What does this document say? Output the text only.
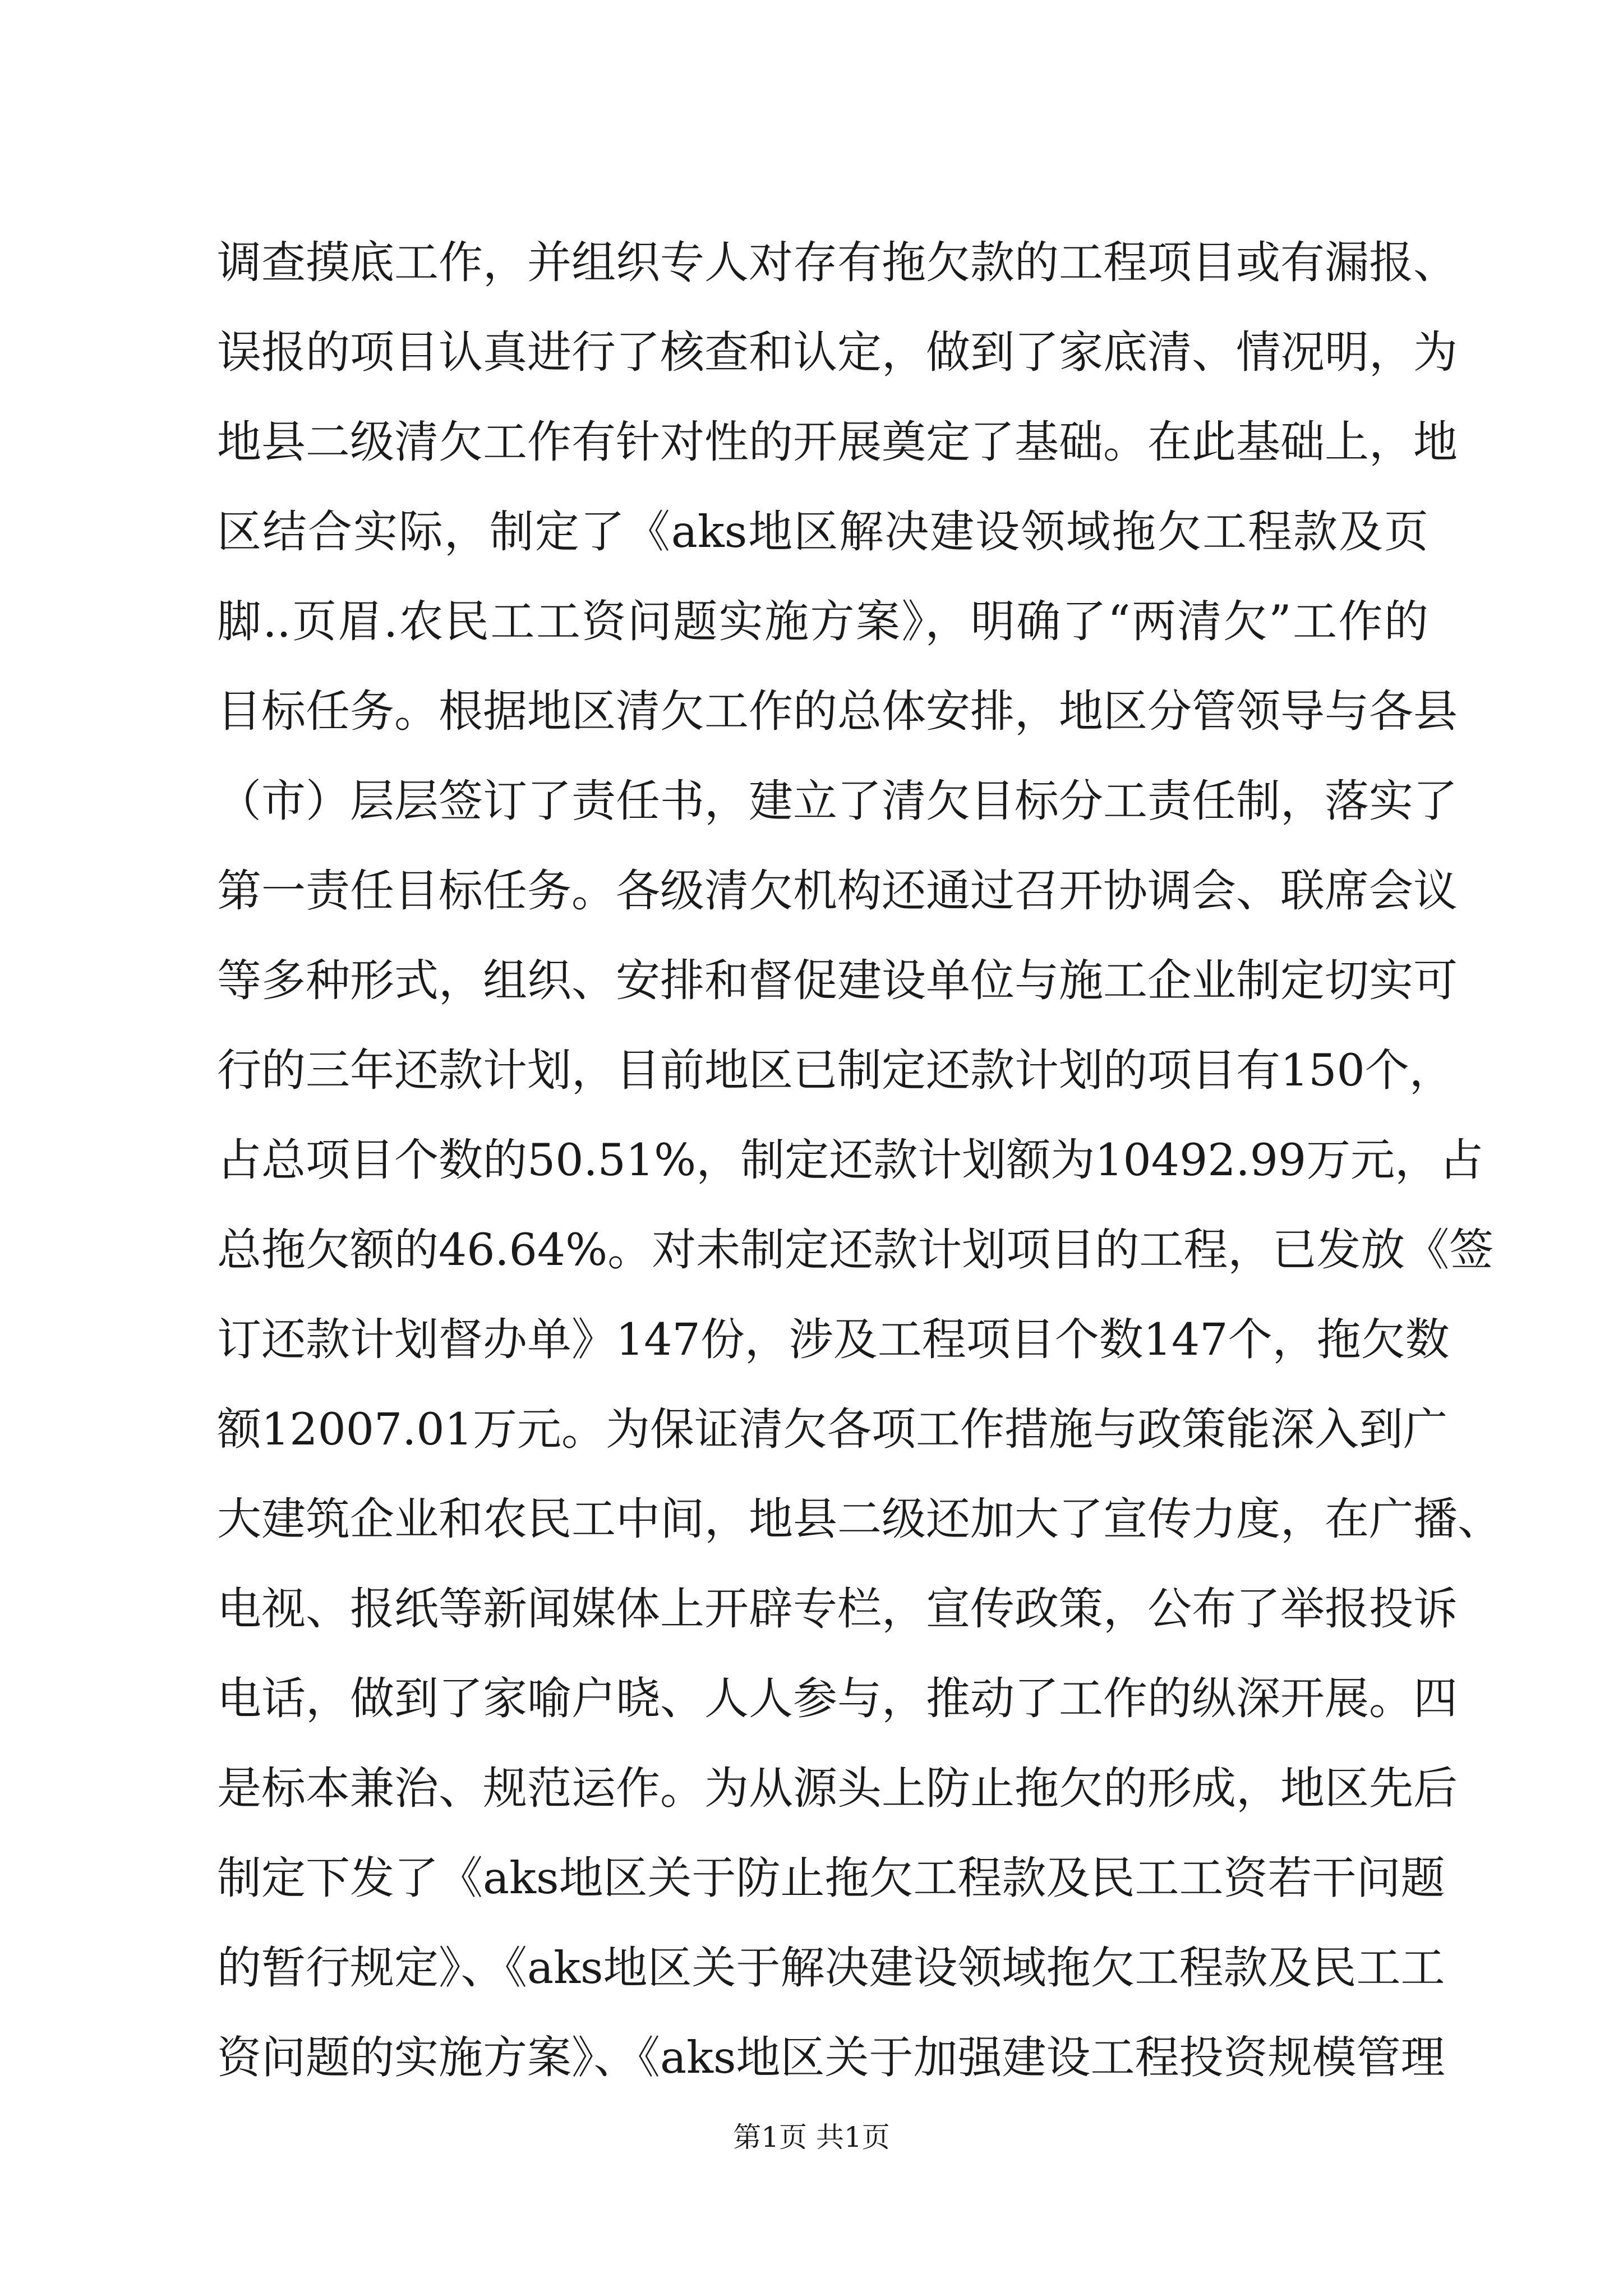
调查摸底工作，并组织专人对存有拖欠款的工程项目或有漏报、
误报的项目认真进行了核查和认定，做到了家底清、情况明，为
地县二级清欠工作有针对性的开展奠定了基础。在此基础上，地
区结合实际，制定了《aks地区解决建设领域拖欠工程款及页
脚..页眉.农民工工资问题实施方案》，明确了“两清欠”工作的
目标任务。根据地区清欠工作的总体安排，地区分管领导与各县
（市）层层签订了责任书，建立了清欠目标分工责任制，落实了
第一责任目标任务。各级清欠机构还通过召开协调会、联席会议
等多种形式，组织、安排和督促建设单位与施工企业制定切实可
行的三年还款计划，目前地区已制定还款计划的项目有150个，
占总项目个数的50.51%，制定还款计划额为10492.99万元，占
总拖欠额的46.64%。对未制定还款计划项目的工程，已发放《签
订还款计划督办单》147份，涉及工程项目个数147个，拖欠数
额12007.01万元。为保证清欠各项工作措施与政策能深入到广
大建筑企业和农民工中间，地县二级还加大了宣传力度，在广播、
电视、报纸等新闻媒体上开辟专栏，宣传政策，公布了举报投诉
电话，做到了家喻户晓、人人参与，推动了工作的纵深开展。四
是标本兼治、规范运作。为从源头上防止拖欠的形成，地区先后
制定下发了《aks地区关于防止拖欠工程款及民工工资若干问题
的暂行规定》、《aks地区关于解决建设领域拖欠工程款及民工工
资问题的实施方案》、《aks地区关于加强建设工程投资规模管理
第1页 共1页
